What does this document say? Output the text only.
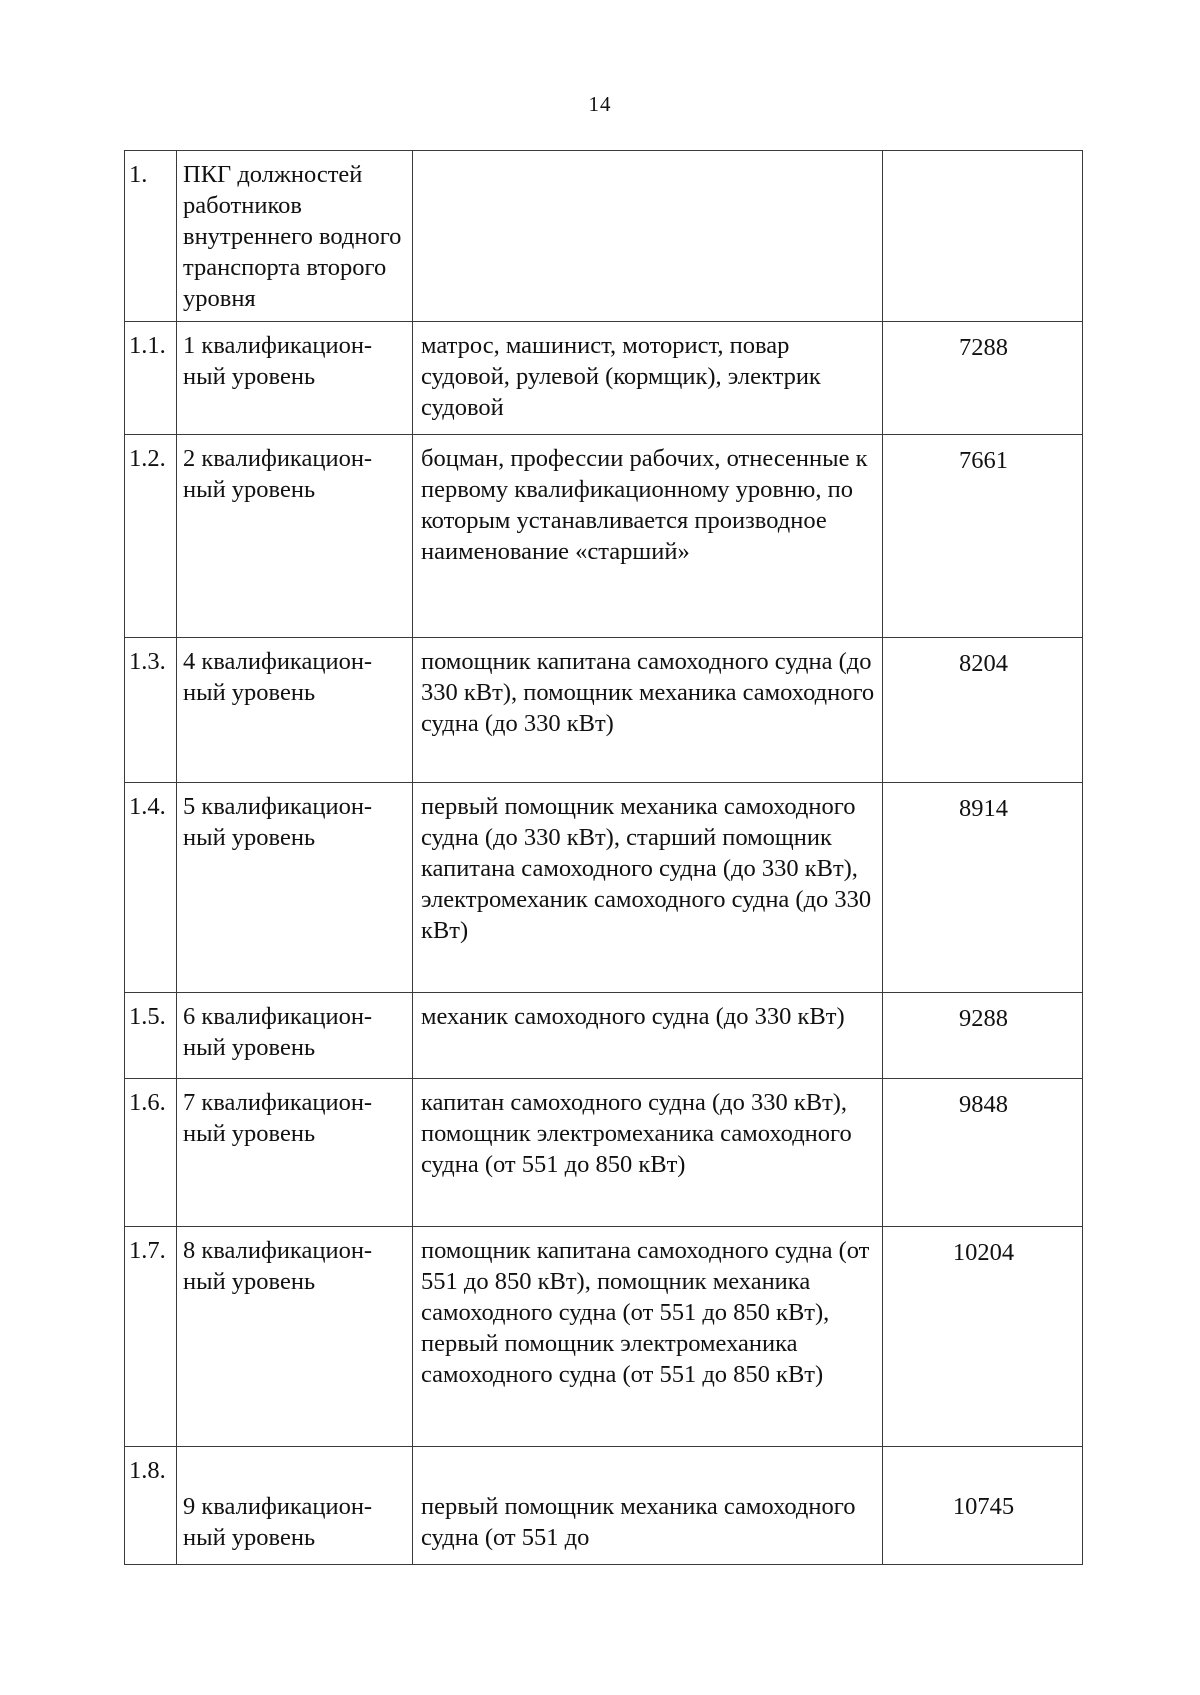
14
1.	ПКГ должностей работников внутреннего водного транспорта второго уровня		
1.1.	1 квалификацион-ный уровень	матрос, машинист, моторист, повар судовой, рулевой (кормщик), электрик судовой	7288
1.2.	2 квалификацион-ный уровень	боцман, профессии рабочих, отнесенные к первому квалификационному уровню, по которым устанавливается производное наименование «старший»	7661
1.3.	4 квалификацион-ный уровень	помощник капитана самоходного судна (до 330 кВт), помощник механика самоходного судна (до 330 кВт)	8204
1.4.	5 квалификацион-ный уровень	первый помощник механика самоходного судна (до 330 кВт), старший помощник капитана самоходного судна (до 330 кВт), электромеханик самоходного судна (до 330 кВт)	8914
1.5.	6 квалификацион-ный уровень	механик самоходного судна (до 330 кВт)	9288
1.6.	7 квалификацион-ный уровень	капитан самоходного судна (до 330 кВт), помощник электромеханика самоходного судна (от 551 до 850 кВт)	9848
1.7.	8 квалификацион-ный уровень	помощник капитана самоходного судна (от 551 до 850 кВт), помощник механика самоходного судна (от 551 до 850 кВт), первый помощник электромеханика самоходного судна (от 551 до 850 кВт)	10204
1.8.	9 квалификацион-ный уровень	первый помощник механика самоходного судна (от 551 до	10745
